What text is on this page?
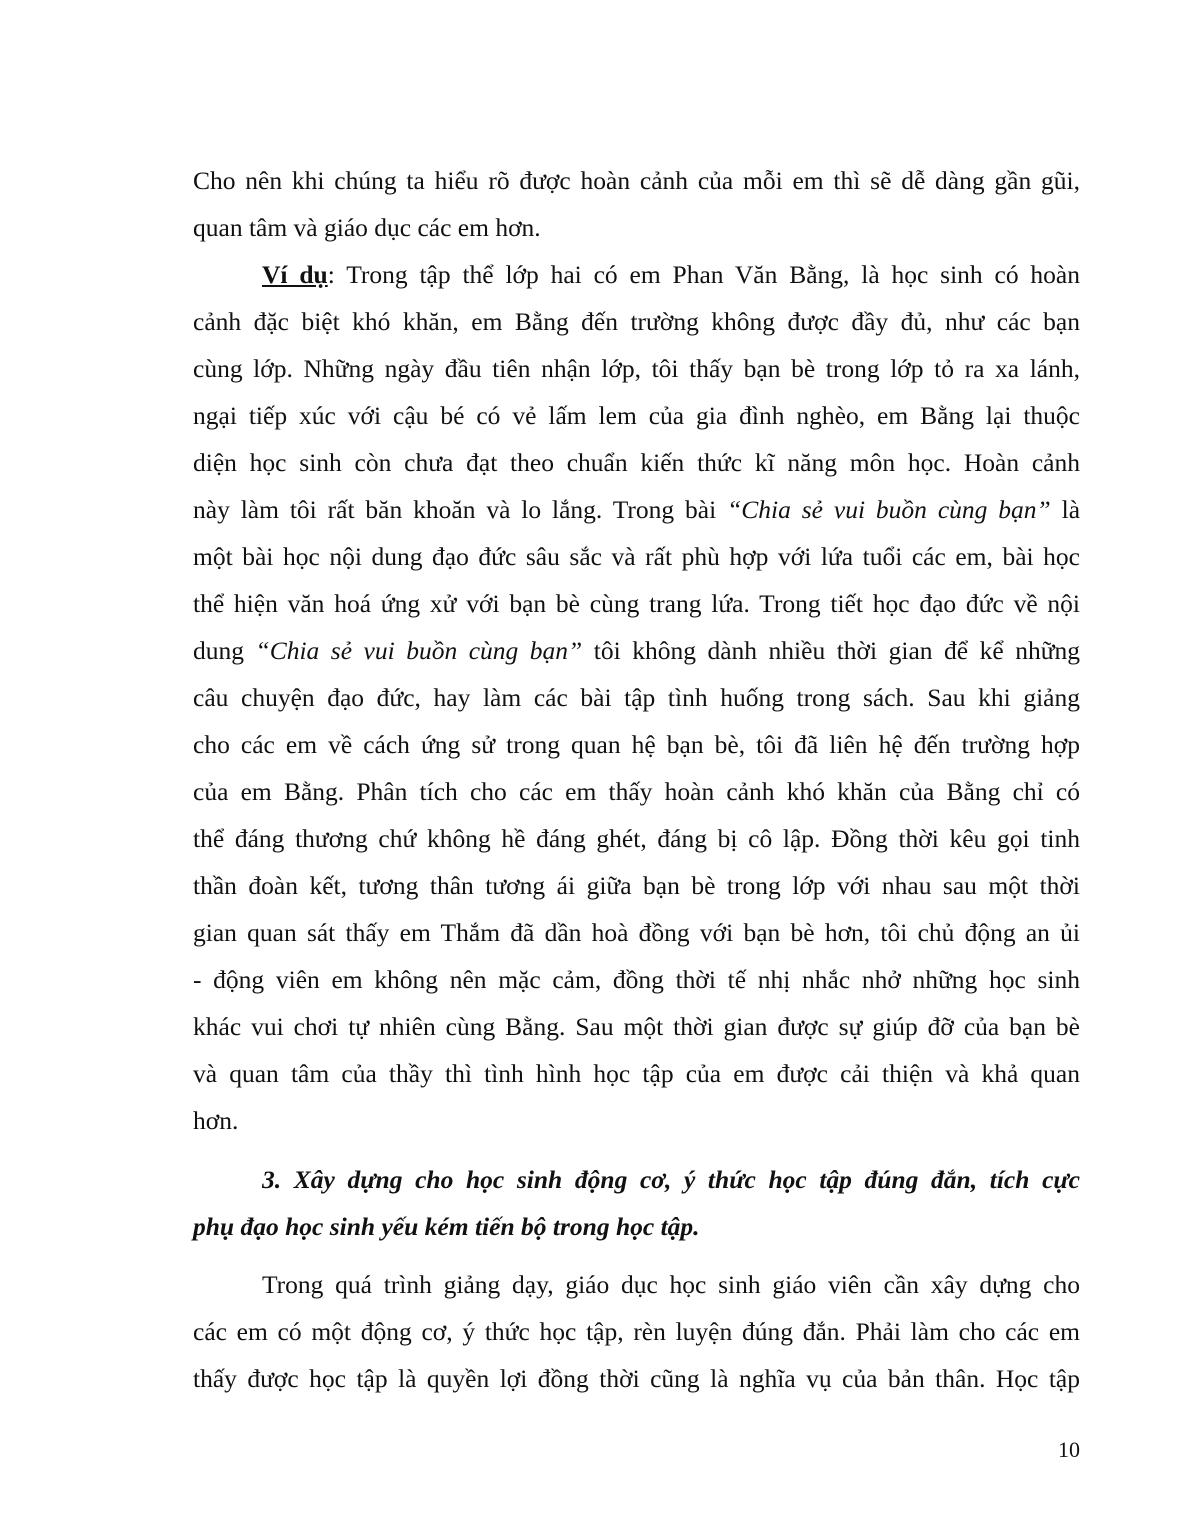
Cho nên khi chúng ta hiểu rõ được hoàn cảnh của mỗi em thì sẽ dễ dàng gần gũi,
quan tâm và giáo dục các em hơn.
Ví dụ: Trong tập thể lớp hai có em Phan Văn Bằng, là học sinh có hoàn
cảnh đặc biệt khó khăn, em Bằng đến trường không được đầy đủ, như các bạn
cùng lớp. Những ngày đầu tiên nhận lớp, tôi thấy bạn bè trong lớp tỏ ra xa lánh,
ngại tiếp xúc với cậu bé có vẻ lấm lem của gia đình nghèo, em Bằng lại thuộc
diện học sinh còn chưa đạt theo chuẩn kiến thức kĩ năng môn học. Hoàn cảnh
này làm tôi rất băn khoăn và lo lắng. Trong bài “Chia sẻ vui buồn cùng bạn” là
một bài học nội dung đạo đức sâu sắc và rất phù hợp với lứa tuổi các em, bài học
thể hiện văn hoá ứng xử với bạn bè cùng trang lứa. Trong tiết học đạo đức về nội
dung “Chia sẻ vui buồn cùng bạn” tôi không dành nhiều thời gian để kể những
câu chuyện đạo đức, hay làm các bài tập tình huống trong sách. Sau khi giảng
cho các em về cách ứng sử trong quan hệ bạn bè, tôi đã liên hệ đến trường hợp
của em Bằng. Phân tích cho các em thấy hoàn cảnh khó khăn của Bằng chỉ có
thể đáng thương chứ không hề đáng ghét, đáng bị cô lập. Đồng thời kêu gọi tinh
thần đoàn kết, tương thân tương ái giữa bạn bè trong lớp với nhau sau một thời
gian quan sát thấy em Thắm đã dần hoà đồng với bạn bè hơn, tôi chủ động an ủi
- động viên em không nên mặc cảm, đồng thời tế nhị nhắc nhở những học sinh
khác vui chơi tự nhiên cùng Bằng. Sau một thời gian được sự giúp đỡ của bạn bè
và quan tâm của thầy thì tình hình học tập của em được cải thiện và khả quan
hơn.
3. Xây dựng cho học sinh động cơ, ý thức học tập đúng đắn, tích cực
phụ đạo học sinh yếu kém tiến bộ trong học tập.
Trong quá trình giảng dạy, giáo dục học sinh giáo viên cần xây dựng cho
các em có một động cơ, ý thức học tập, rèn luyện đúng đắn. Phải làm cho các em
thấy được học tập là quyền lợi đồng thời cũng là nghĩa vụ của bản thân. Học tập
10
